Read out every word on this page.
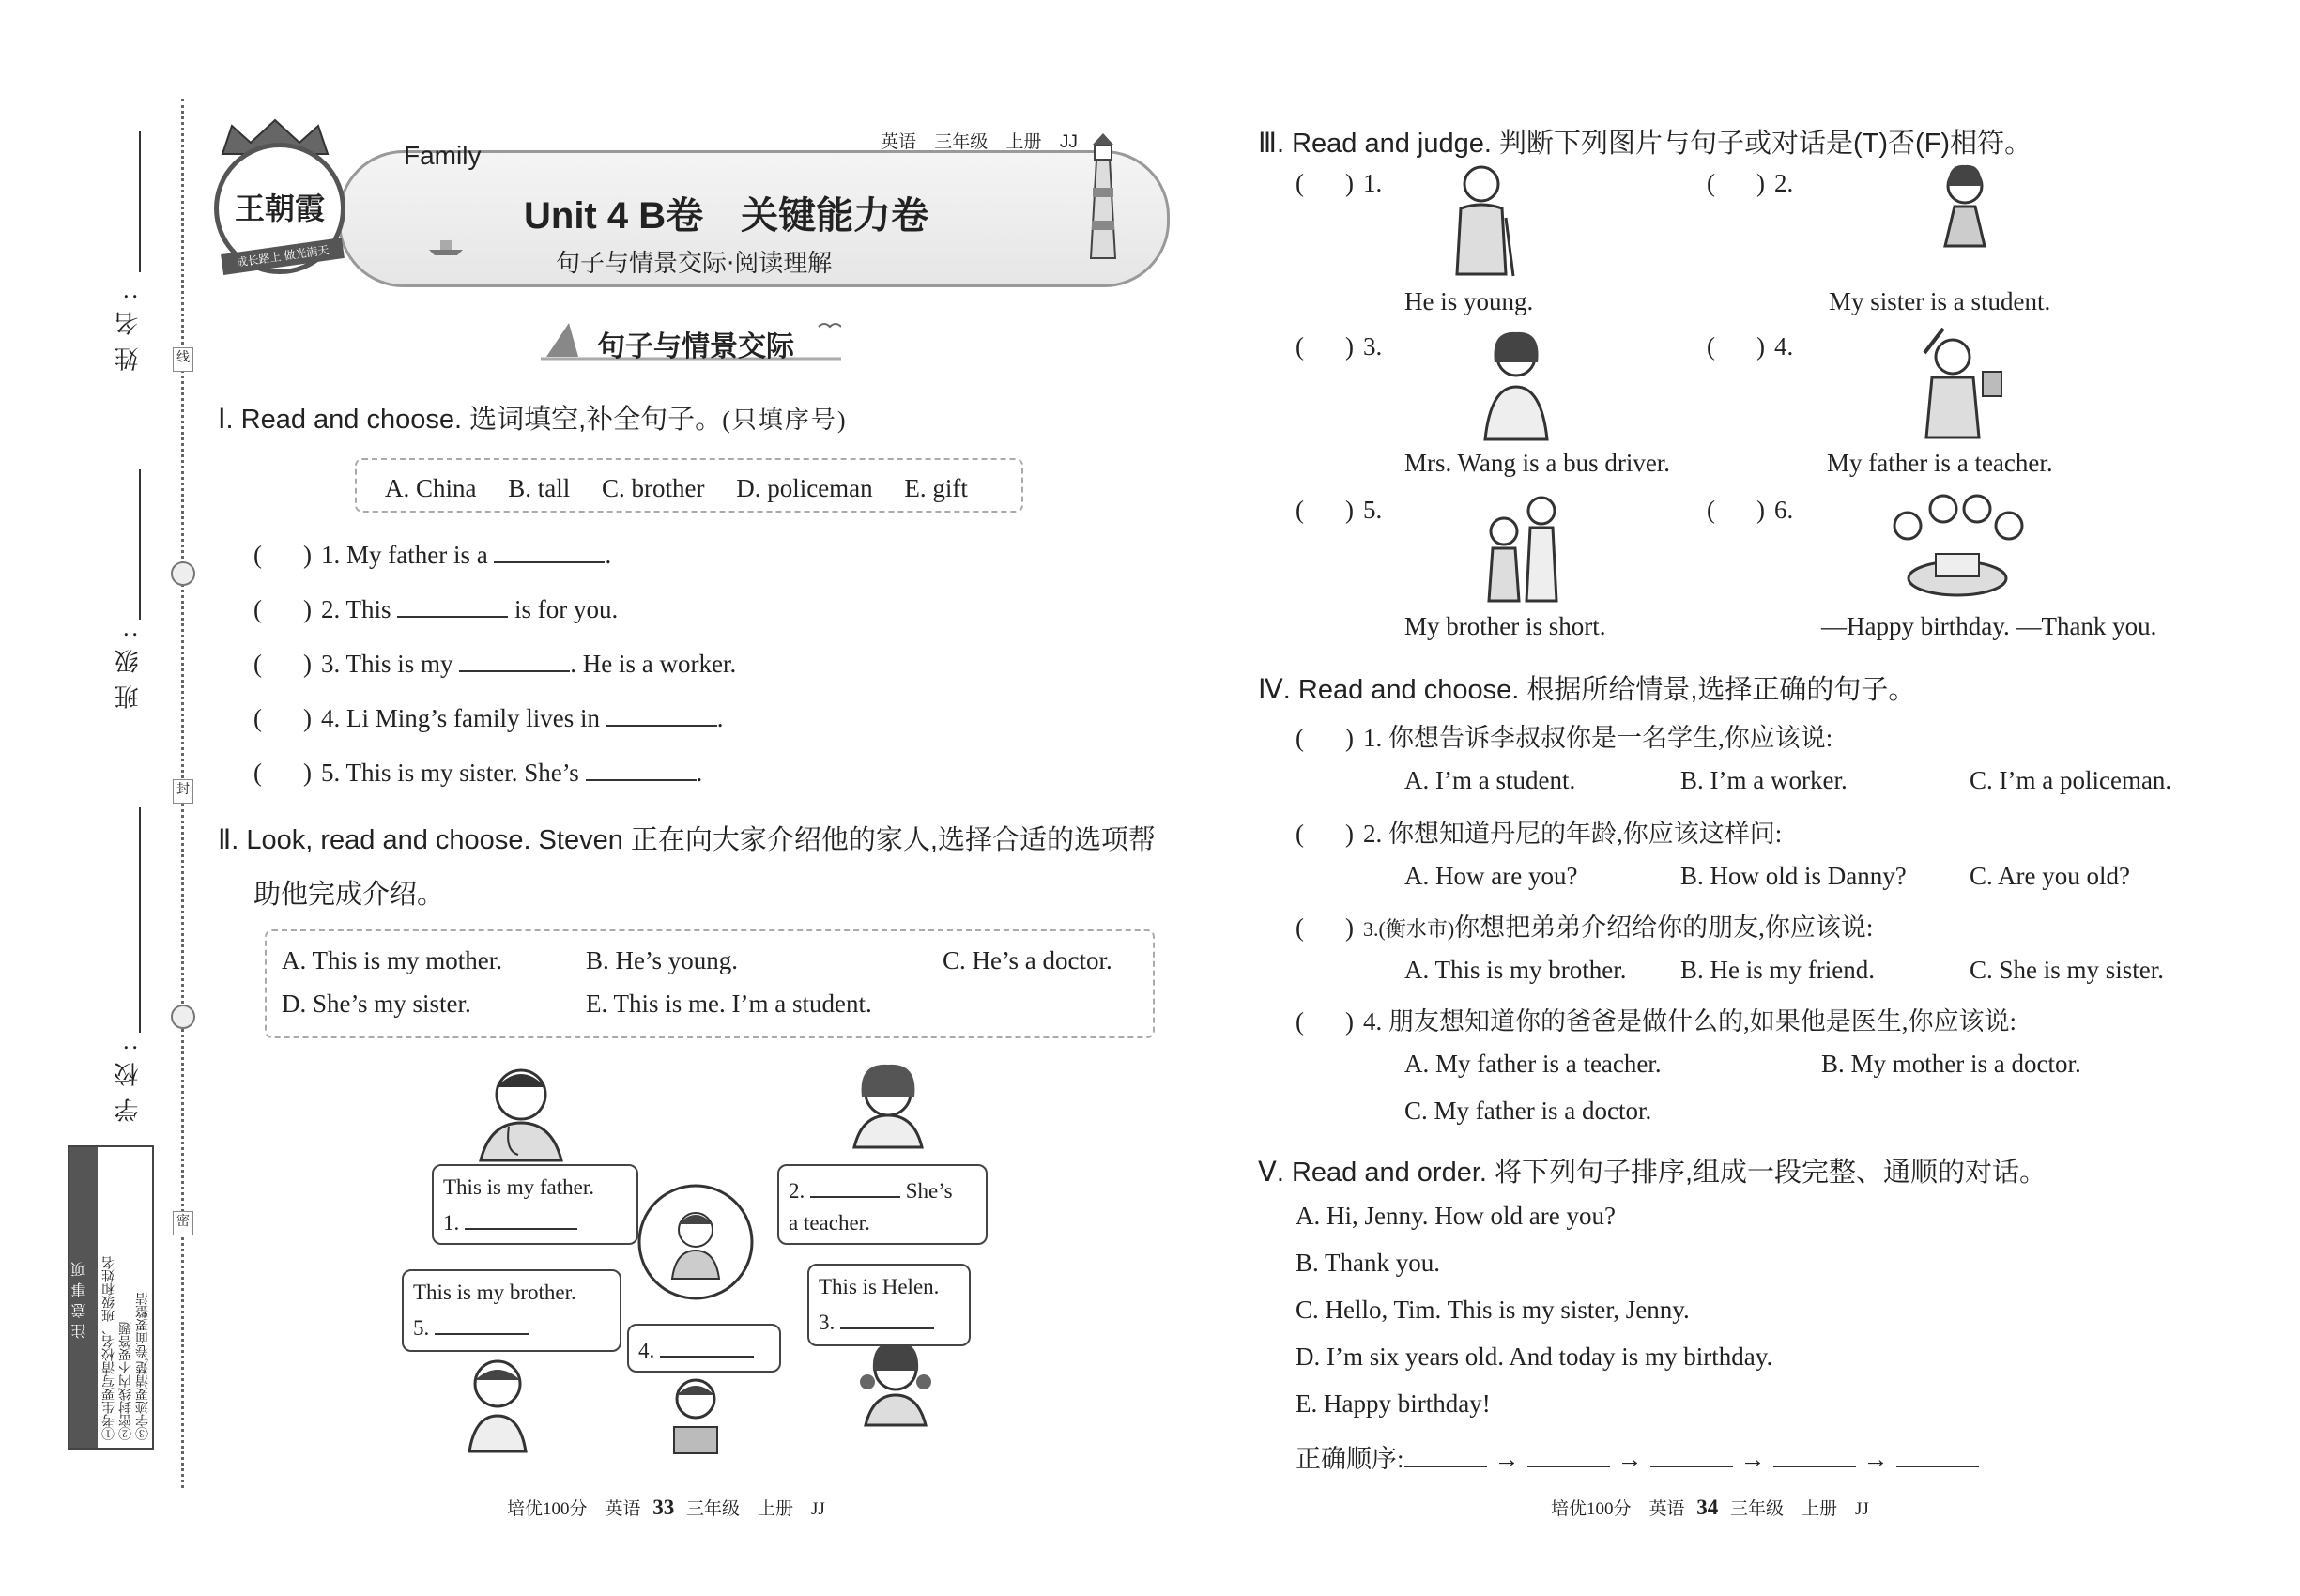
姓名:
班级:
学校:
线
封
密
注意事项	①考生要写清校名、班级和姓名 ②密封线内不要答题 ③字迹要清楚,卷面要整洁
王朝霞
成长路上 做光满天
Family	英语 三年级 上册 JJ
Unit 4 B卷　关键能力卷
句子与情景交际·阅读理解
句子与情景交际
Ⅰ. Read and choose. 选词填空,补全句子。(只填序号)
A. China　 B. tall　 C. brother　 D. policeman　 E. gift
( ) 1. My father is a	.
( ) 2. This	is for you.
( ) 3. This is my	. He is a worker.
( ) 4. Li Ming’s family lives in	.
( ) 5. This is my sister. She’s	.
Ⅱ. Look, read and choose. Steven 正在向大家介绍他的家人,选择合适的选项帮
助他完成介绍。
A. This is my mother.	B. He’s young.	C. He’s a doctor.
D. She’s my sister.	E. This is me. I’m a student.
This is my father.
1.
2.	She’s
a teacher.
This is my brother.
5.
4.
This is Helen.
3.
培优100分　英语 33 三年级　上册　JJ
Ⅲ. Read and judge. 判断下列图片与句子或对话是(T)否(F)相符。
( ) 1.
He is young.
( ) 2.
My sister is a student.
( ) 3.
Mrs. Wang is a bus driver.
( ) 4.
My father is a teacher.
( ) 5.
My brother is short.
( ) 6.
—Happy birthday. —Thank you.
Ⅳ. Read and choose. 根据所给情景,选择正确的句子。
( ) 1. 你想告诉李叔叔你是一名学生,你应该说:
A. I’m a student.	B. I’m a worker.	C. I’m a policeman.
( ) 2. 你想知道丹尼的年龄,你应该这样问:
A. How are you?	B. How old is Danny? C. Are you old?
( ) 3.(衡水市)你想把弟弟介绍给你的朋友,你应该说:
A. This is my brother. B. He is my friend.	C. She is my sister.
( ) 4. 朋友想知道你的爸爸是做什么的,如果他是医生,你应该说:
A. My father is a teacher.	B. My mother is a doctor.
C. My father is a doctor.
Ⅴ. Read and order. 将下列句子排序,组成一段完整、通顺的对话。
A. Hi, Jenny. How old are you?
B. Thank you.
C. Hello, Tim. This is my sister, Jenny.
D. I’m six years old. And today is my birthday.
E. Happy birthday!
正确顺序:	→	→	→	→
培优100分　英语 34 三年级　上册　JJ
